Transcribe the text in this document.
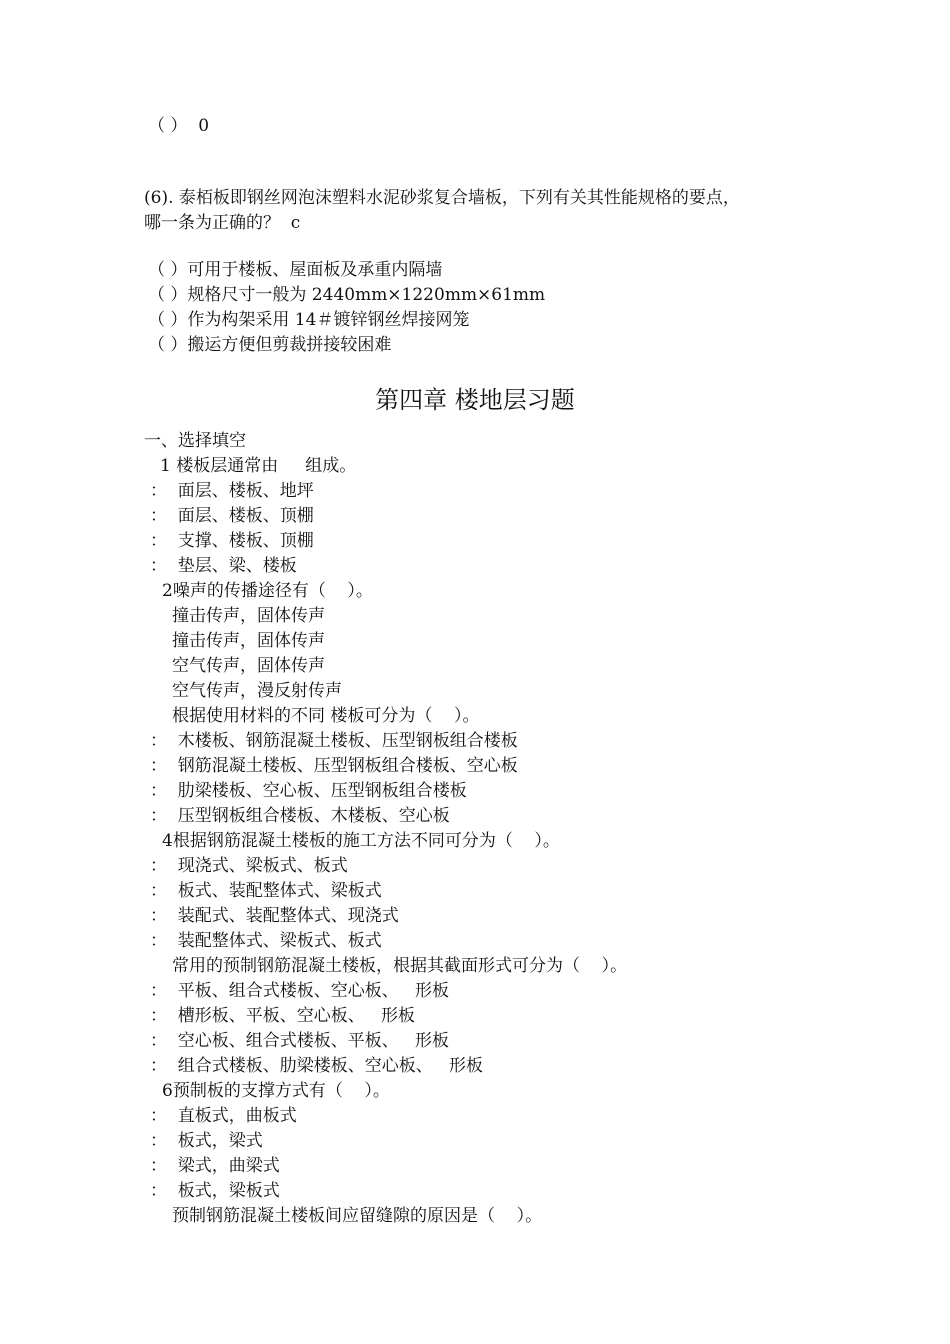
（ ）  0

(6). 泰栢板即钢丝网泡沫塑料水泥砂浆复合墙板，下列有关其性能规格的要点，

哪一条为正确的？  c

（ ）可用于楼板、屋面板及承重内隔墙

（ ）规格尺寸一般为 2440mm×1220mm×61mm

（ ）作为构架采用 14＃镀锌钢丝焊接网笼

（ ）搬运方便但剪裁拼接较困难

第四章 楼地层习题

一、选择填空

1 楼板层通常由     组成。

：  面层、楼板、地坪

：  面层、楼板、顶棚

：  支撑、楼板、顶棚

：  垫层、梁、楼板

2噪声的传播途径有（    ）。

撞击传声，固体传声

撞击传声，固体传声

空气传声，固体传声

空气传声，漫反射传声

根据使用材料的不同 楼板可分为（    ）。

：  木楼板、钢筋混凝土楼板、压型钢板组合楼板

：  钢筋混凝土楼板、压型钢板组合楼板、空心板

：  肋梁楼板、空心板、压型钢板组合楼板

：  压型钢板组合楼板、木楼板、空心板

4根据钢筋混凝土楼板的施工方法不同可分为（    ）。

：  现浇式、梁板式、板式

：  板式、装配整体式、梁板式

：  装配式、装配整体式、现浇式

：  装配整体式、梁板式、板式

常用的预制钢筋混凝土楼板，根据其截面形式可分为（    ）。

：  平板、组合式楼板、空心板、   形板

：  槽形板、平板、空心板、   形板

：  空心板、组合式楼板、平板、   形板

：  组合式楼板、肋梁楼板、空心板、   形板

6预制板的支撑方式有（    ）。

：  直板式，曲板式

：  板式，梁式

：  梁式，曲梁式

：  板式，梁板式

预制钢筋混凝土楼板间应留缝隙的原因是（    ）。
